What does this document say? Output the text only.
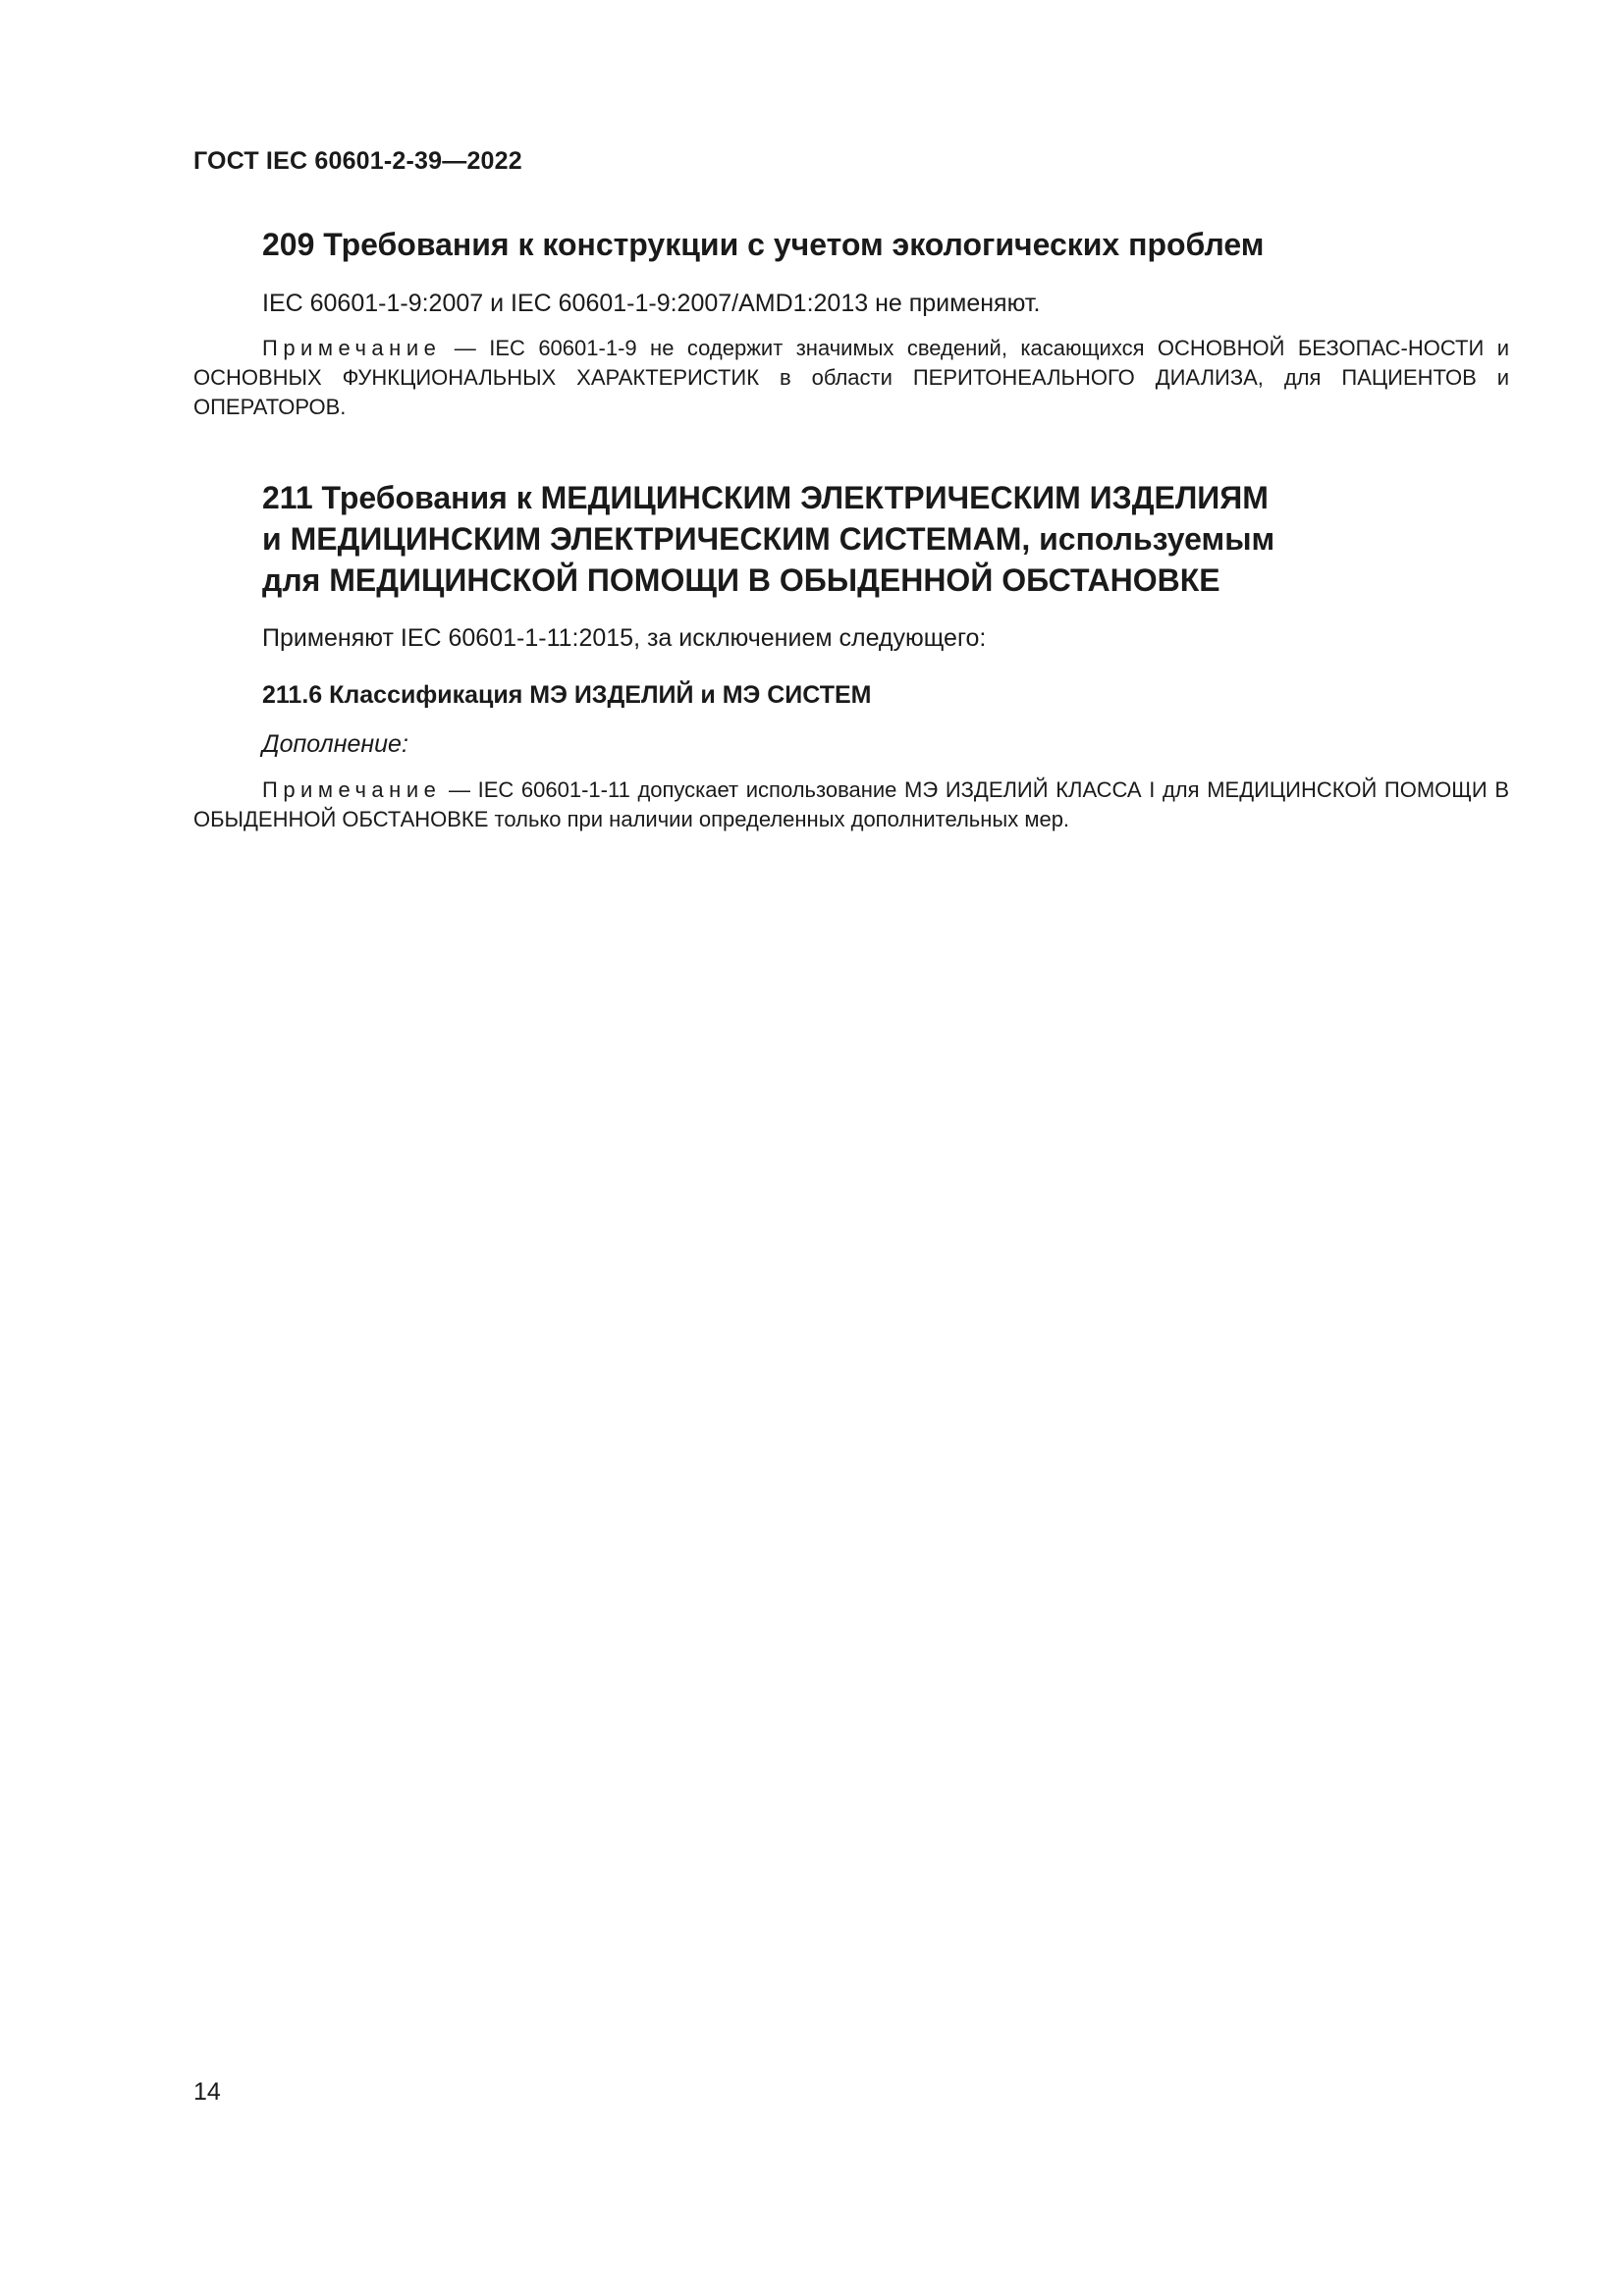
ГОСТ IEC 60601-2-39—2022
209 Требования к конструкции с учетом экологических проблем
IEC 60601-1-9:2007 и IEC 60601-1-9:2007/AMD1:2013 не применяют.
Примечание — IEC 60601-1-9 не содержит значимых сведений, касающихся ОСНОВНОЙ БЕЗОПАС-НОСТИ и ОСНОВНЫХ ФУНКЦИОНАЛЬНЫХ ХАРАКТЕРИСТИК в области ПЕРИТОНЕАЛЬНОГО ДИАЛИЗА, для ПАЦИЕНТОВ и ОПЕРАТОРОВ.
211 Требования к МЕДИЦИНСКИМ ЭЛЕКТРИЧЕСКИМ ИЗДЕЛИЯМ
и МЕДИЦИНСКИМ ЭЛЕКТРИЧЕСКИМ СИСТЕМАМ, используемым
для МЕДИЦИНСКОЙ ПОМОЩИ В ОБЫДЕННОЙ ОБСТАНОВКЕ
Применяют IEC 60601-1-11:2015, за исключением следующего:
211.6 Классификация МЭ ИЗДЕЛИЙ и МЭ СИСТЕМ
Дополнение:
Примечание — IEC 60601-1-11 допускает использование МЭ ИЗДЕЛИЙ КЛАССА I для МЕДИЦИНСКОЙ ПОМОЩИ В ОБЫДЕННОЙ ОБСТАНОВКЕ только при наличии определенных дополнительных мер.
14
